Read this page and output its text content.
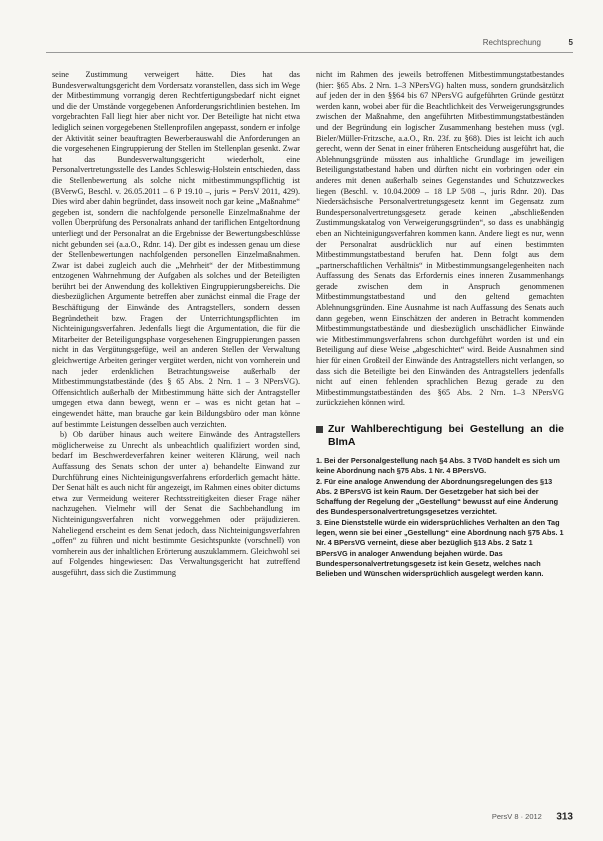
Rechtsprechung	5

seine Zustimmung verweigert hätte. Dies hat das Bundesverwaltungsgericht dem Vordersatz voranstellen, dass sich im Wege der Mitbestimmung vorrangig deren Rechtfertigungsbedarf nicht eignet und die der Umstände vorgegebenen Anforderungsrichtlinien bestehen. Im vorgebrachten Fall liegt hier aber nicht vor. Der Beteiligte hat nicht etwa lediglich seinen vorgegebenen Stellenprofilen angepasst, sondern er infolge der Aktivität seiner beauftragten Bewerberauswahl die Anforderungen an die vorgesehenen Eingruppierung der Stellen im Stellenplan gesenkt. Zwar hat das Bundesverwaltungsgericht wiederholt, eine Personalvertretungsstelle des Landes Schleswig-Holstein entschieden, dass die Stellenbewertung als solche nicht mitbestimmungspflichtig ist (BVerwG, Beschl. v. 26.05.2011 – 6 P 19.10 –, juris = PersV 2011, 429). Dies wird aber dahin begründet, dass insoweit noch gar keine „Maßnahme“ gegeben ist, sondern die nachfolgende personelle Einzelmaßnahme der vollen Überprüfung des Personalrats anhand der tariflichen Entgeltordnung unterliegt und der Personalrat an die Ergebnisse der Bewertungsbeschlüsse nicht gebunden sei (a.a.O., Rdnr. 14). Der gibt es indessen genau um diese der Stellenbewertungen nachfolgenden personellen Einzelmaßnahmen. Zwar ist dabei zugleich auch die „Mehrheit“ der der Mitbestimmung entzogenen Wahrnehmung der Aufgaben als solches und der Beteiligten berührt bei der Anwendung des kollektiven Eingruppierungsbereichs. Die diesbezüglichen Argumente betreffen aber zunächst einmal die Frage der Beschäftigung der Einwände des Antragstellers, sondern dessen Begründetheit bzw. Fragen der Unterrichtungspflichten im Nichteinigungsverfahren. Jedenfalls liegt die Argumentation, die für die Mitarbeiter der Beteiligungsphase vorgesehenen Eingruppierungen passen nicht in das Vergütungsgefüge, weil an anderen Stellen der Verwaltung gleichwertige Arbeiten geringer vergütet werden, nicht von vornherein und nach jeder erdenklichen Betrachtungsweise außerhalb der Mitbestimmungstatbestände (des § 65 Abs. 2 Nrn. 1 – 3 NPersVG). Offensichtlich außerhalb der Mitbestimmung hätte sich der Antragsteller umgegen etwa dann bewegt, wenn er – was es nicht getan hat – eingewendet hätte, man brauche gar kein Bildungsbüro oder man könne auf bestimmte Leistungen desselben auch verzichten.

b) Ob darüber hinaus auch weitere Einwände des Antragstellers möglicherweise zu Unrecht als unbeachtlich qualifiziert worden sind, bedarf im Beschwerdeverfahren keiner weiteren Klärung, weil nach Auffassung des Senats schon der unter a) behandelte Einwand zur Durchführung eines Nichteinigungsverfahrens erforderlich gemacht hätte. Der Senat hält es auch nicht für angezeigt, im Rahmen eines obiter dictums etwa zur Vermeidung weiterer Rechtsstreitigkeiten dieser Frage näher nachzugehen. Vielmehr will der Senat die Sachbehandlung im Nichteinigungsverfahren nicht vorweggehmen oder präjudizieren. Naheliegend erscheint es dem Senat jedoch, dass Nichteinigungsverfahren „offen“ zu führen und nicht bestimmte Gesichtspunkte (vorschnell) von vornherein aus der inhaltlichen Erörterung auszuklammern. Gleichwohl sei auf Folgendes hingewiesen: Das Verwaltungsgericht hat zutreffend ausgeführt, dass sich die Zustimmung

nicht im Rahmen des jeweils betroffenen Mitbestimmungstatbestandes (hier: §65 Abs. 2 Nrn. 1–3 NPersVG) halten muss, sondern grundsätzlich auf jeden der in den §§64 bis 67 NPersVG aufgeführten Gründe gestützt werden kann, wobei aber für die Beachtlichkeit des Verweigerungsgrundes zwischen der Maßnahme, den angeführten Mitbestimmungstatbeständen und der Begründung ein logischer Zusammenhang bestehen muss (vgl. Bieler/Müller-Fritzsche, a.a.O., Rn. 23f. zu §68). Dies ist leicht ich auch gerecht, wenn der Senat in einer früheren Entscheidung ausgeführt hat, die Ablehnungsgründe müssten aus inhaltliche Grundlage im jeweiligen Beteiligungstatbestand haben und dürften nicht ein vorbringen oder ein anderes mit denen außerhalb seines Gegenstandes und Schutzzweckes liegen (Beschl. v. 10.04.2009 – 18 LP 5/08 –, juris Rdnr. 20). Das Niedersächsische Personalvertretungsgesetz kennt im Gegensatz zum Bundespersonalvertretungsgesetz gerade keinen „abschließenden Zustimmungskatalog von Verweigerungsgründen“, so dass es unabhängig eben an Nichteinigungsverfahren kommen kann. Andere liegt es nur, wenn der Personalrat ausdrücklich nur auf einen bestimmten Mitbestimmungstatbestand berufen hat. Denn folgt aus dem „partnerschaftlichen Verhältnis“ in Mitbestimmungsangelegenheiten nach Auffassung des Senats das Erfordernis eines inneren Zusammenhangs gerade zwischen dem in Anspruch genommenen Mitbestimmungstatbestand und den geltend gemachten Ablehnungsgründen. Eine Ausnahme ist nach Auffassung des Senats auch dann gegeben, wenn Einschätzen der anderen in Betracht kommenden Mitbestimmungstatbestände und diesbezüglich unschädlicher Einwände wie Mitbestimmungsverfahrens schon durchgeführt worden ist und ein Beteiligung auf diese Weise „abgeschichtet“ wird. Beide Ausnahmen sind hier für einen Großteil der Einwände des Antragstellers nicht verlangen, so dass sich die Beteiligte bei den Einwänden des Antragstellers jedenfalls nicht auf einen fehlenden sprachlichen Bezug gerade zu den Mitbestimmungstatbeständen des §65 Abs. 2 Nrn. 1–3 NPersVG zurückziehen können wird.

Zur Wahlberechtigung bei Gestellung an die BImA

1. Bei der Personalgestellung nach §4 Abs. 3 TVöD handelt es sich um keine Abordnung nach §75 Abs. 1 Nr. 4 BPersVG.

2. Für eine analoge Anwendung der Abordnungsregelungen des §13 Abs. 2 BPersVG ist kein Raum. Der Gesetzgeber hat sich bei der Schaffung der Regelung der „Gestellung“ bewusst auf eine Änderung des Bundespersonalvertretungsgesetzes verzichtet.

3. Eine Dienststelle würde ein widersprüchliches Verhalten an den Tag legen, wenn sie bei einer „Gestellung“ eine Abordnung nach §75 Abs. 1 Nr. 4 BPersVG verneint, diese aber bezüglich §13 Abs. 2 Satz 1 BPersVG in analoger Anwendung bejahen würde. Das Bundespersonalvertretungsgesetz ist kein Gesetz, welches nach Belieben und Wünschen widersprüchlich ausgelegt werden kann.

PersV 8 · 2012 313
